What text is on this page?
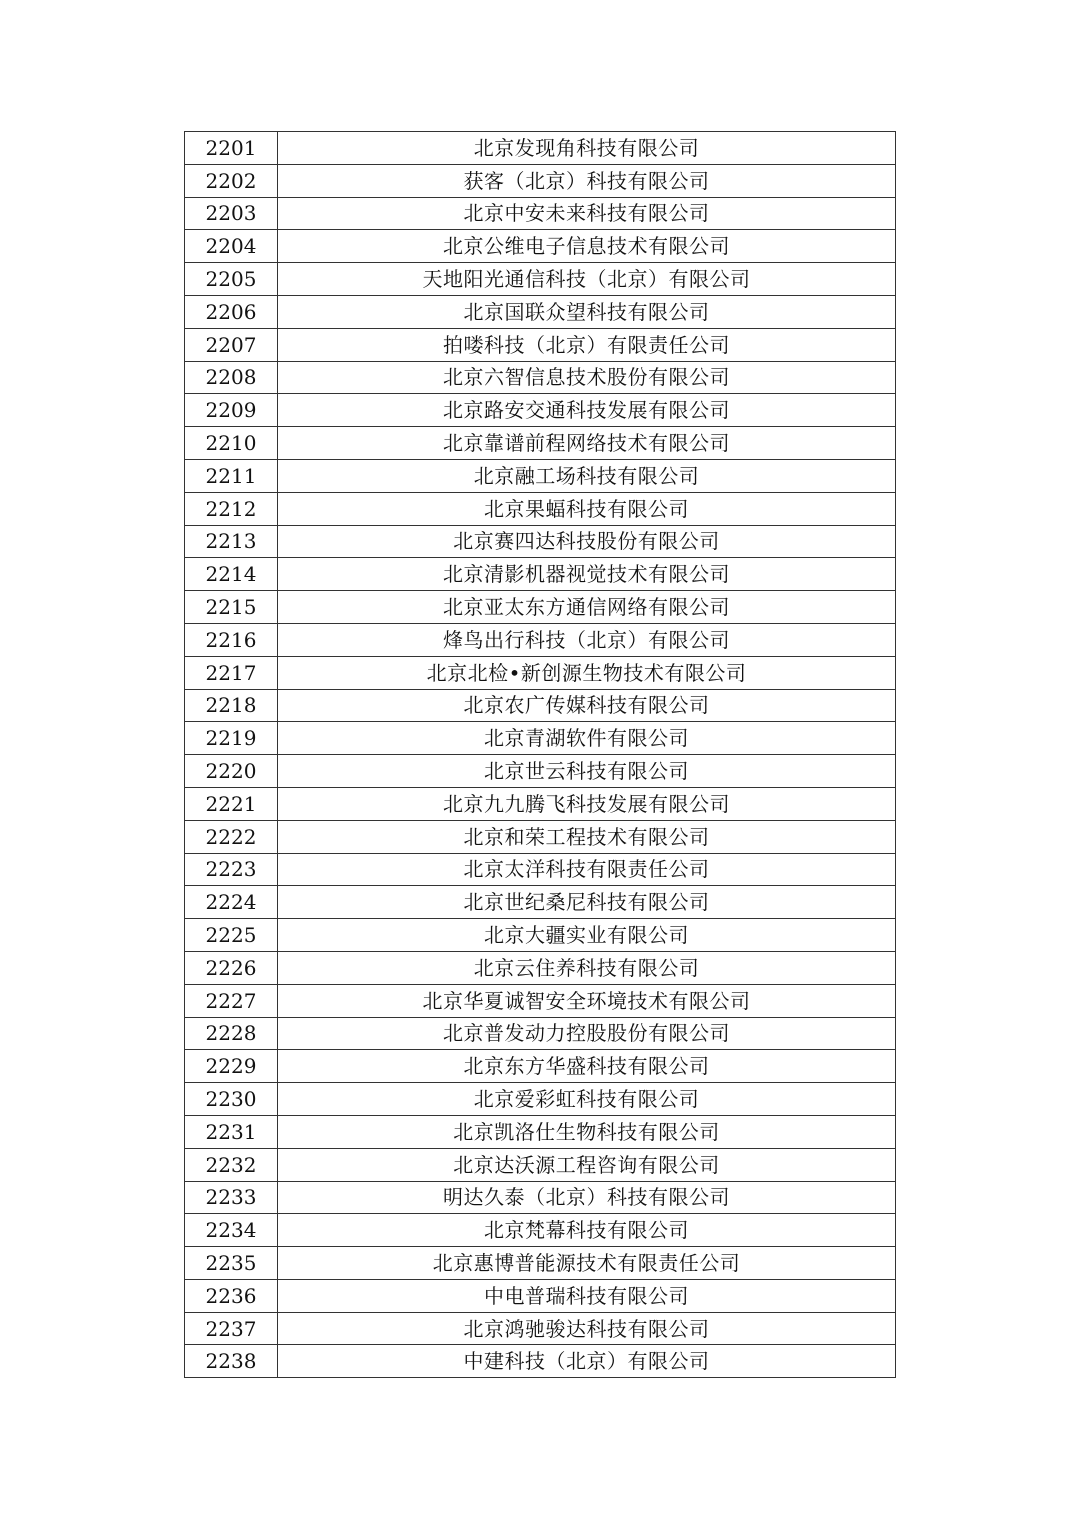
2201	北京发现角科技有限公司
2202	获客（北京）科技有限公司
2203	北京中安未来科技有限公司
2204	北京公维电子信息技术有限公司
2205	天地阳光通信科技（北京）有限公司
2206	北京国联众望科技有限公司
2207	拍喽科技（北京）有限责任公司
2208	北京六智信息技术股份有限公司
2209	北京路安交通科技发展有限公司
2210	北京靠谱前程网络技术有限公司
2211	北京融工场科技有限公司
2212	北京果蝠科技有限公司
2213	北京赛四达科技股份有限公司
2214	北京清影机器视觉技术有限公司
2215	北京亚太东方通信网络有限公司
2216	烽鸟出行科技（北京）有限公司
2217	北京北检•新创源生物技术有限公司
2218	北京农广传媒科技有限公司
2219	北京青湖软件有限公司
2220	北京世云科技有限公司
2221	北京九九腾飞科技发展有限公司
2222	北京和荣工程技术有限公司
2223	北京太洋科技有限责任公司
2224	北京世纪桑尼科技有限公司
2225	北京大疆实业有限公司
2226	北京云住养科技有限公司
2227	北京华夏诚智安全环境技术有限公司
2228	北京普发动力控股股份有限公司
2229	北京东方华盛科技有限公司
2230	北京爱彩虹科技有限公司
2231	北京凯洛仕生物科技有限公司
2232	北京达沃源工程咨询有限公司
2233	明达久泰（北京）科技有限公司
2234	北京梵幕科技有限公司
2235	北京惠博普能源技术有限责任公司
2236	中电普瑞科技有限公司
2237	北京鸿驰骏达科技有限公司
2238	中建科技（北京）有限公司
